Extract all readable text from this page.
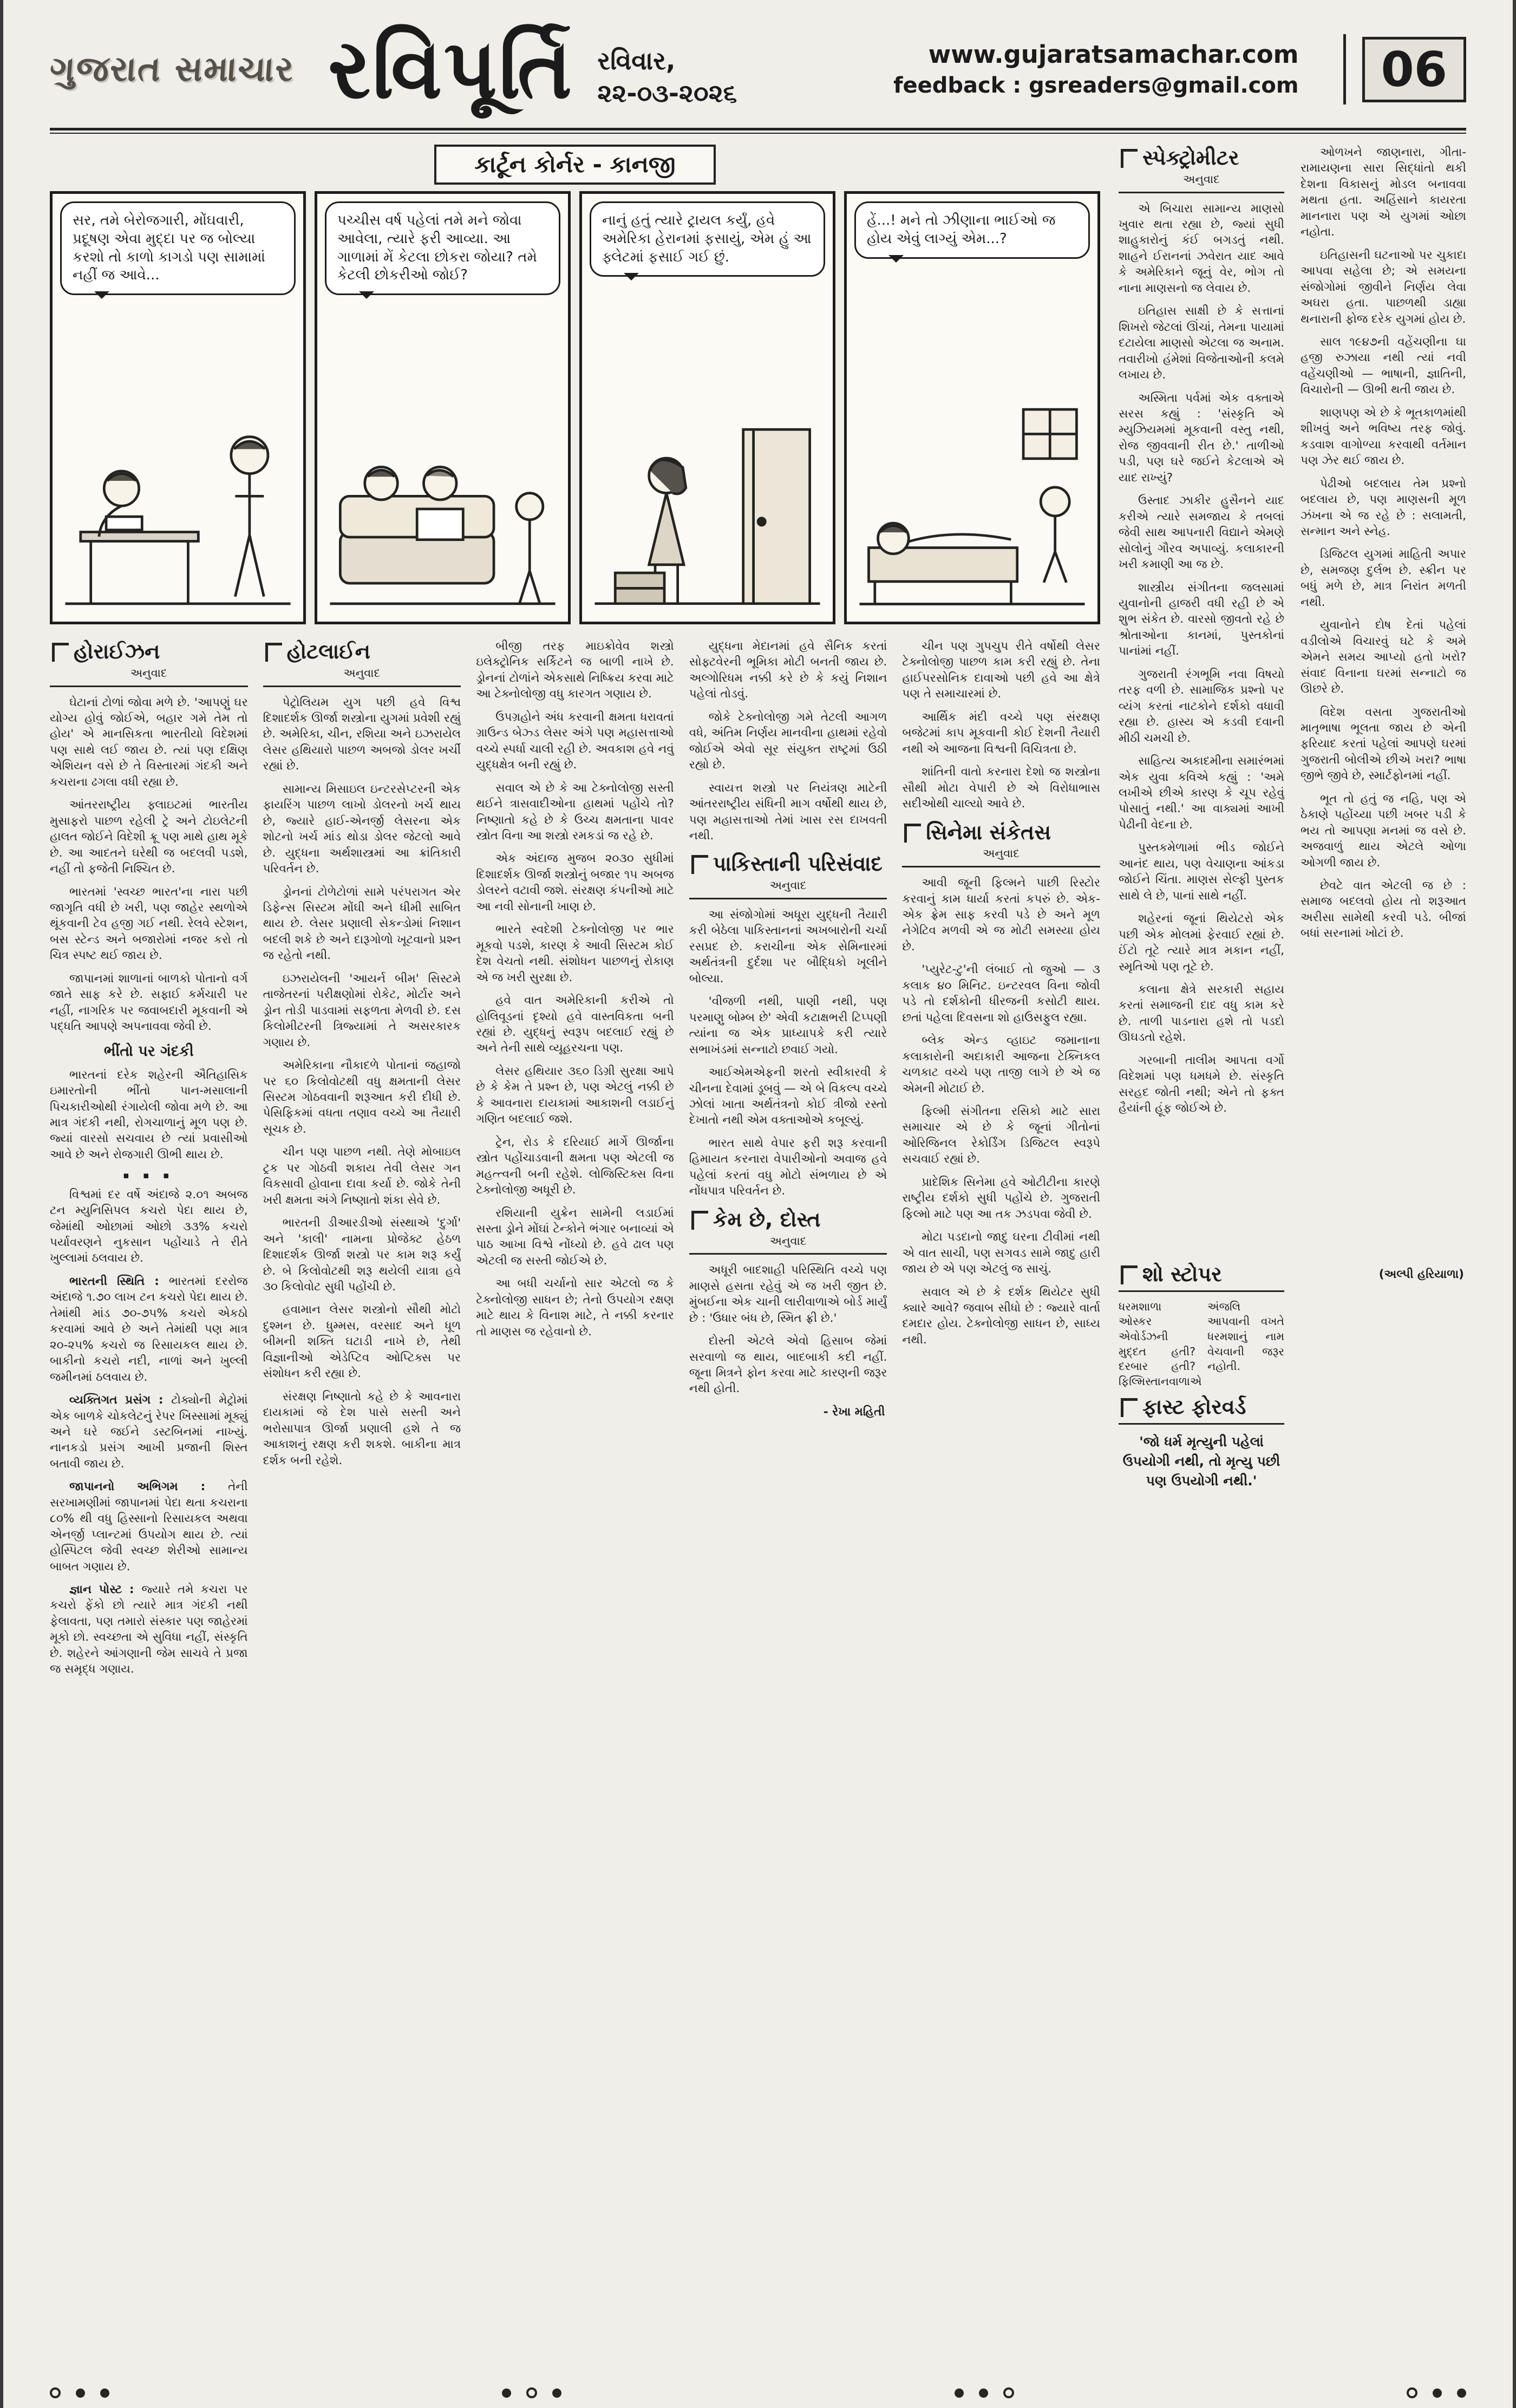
ગુજરાત સમાચાર રવિપૂર્તિ રવિવાર,
૨૨-૦૩-૨૦૨૬
www.gujaratsamachar.com
feedback : gsreaders@gmail.com	06
કાર્ટૂન કોર્નર - કાનજી
સર, તમે બેરોજગારી, મોંઘવારી, પ્રદૂષણ એવા મુદ્દા પર જ બોલ્યા કરશો તો કાળો કાગડો પણ સામામાં નહીં જ આવે...
પચ્ચીસ વર્ષ પહેલાં તમે મને જોવા આવેલા, ત્યારે ફરી આવ્યા. આ ગાળામાં મેં કેટલા છોકરા જોયા? તમે કેટલી છોકરીઓ જોઈ?
નાનું હતું ત્યારે ટ્રાયલ કર્યું, હવે અમેરિકા હેરાનમાં ફસાયું, એમ હું આ ફ્લેટમાં ફસાઈ ગઈ છું.
હેં...! મને તો ઝીણાના ભાઈઓ જ હોય એવું લાગ્યું એમ...?
હોરાઈઝન
અનુવાદ
ઘેટાનાં ટોળાં જોવા મળે છે. 'આપણું ઘર યોગ્ય હોવું જોઈએ, બહાર ગમે તેમ તો હોય' એ માનસિકતા ભારતીયો વિદેશમાં પણ સાથે લઈ જાય છે. ત્યાં પણ દક્ષિણ એશિયન વસે છે તે વિસ્તારમાં ગંદકી અને કચરાના ઢગલા વધી રહ્યા છે.
આંતરરાષ્ટ્રીય ફ્લાઇટમાં ભારતીય મુસાફરો પાછળ રહેલી ટ્રે અને ટોઇલેટની હાલત જોઈને વિદેશી ક્રૂ પણ માથે હાથ મૂકે છે. આ આદતને ઘરેથી જ બદલવી પડશે, નહીં તો ફજેતી નિશ્ચિત છે.
ભારતમાં 'સ્વચ્છ ભારત'ના નારા પછી જાગૃતિ વધી છે ખરી, પણ જાહેર સ્થળોએ થૂંકવાની ટેવ હજી ગઈ નથી. રેલવે સ્ટેશન, બસ સ્ટેન્ડ અને બજારોમાં નજર કરો તો ચિત્ર સ્પષ્ટ થઈ જાય છે.
જાપાનમાં શાળાનાં બાળકો પોતાનો વર્ગ જાતે સાફ કરે છે. સફાઈ કર્મચારી પર નહીં, નાગરિક પર જવાબદારી મૂકવાની એ પદ્ધતિ આપણે અપનાવવા જેવી છે.
ભીંતો પર ગંદકી
ભારતનાં દરેક શહેરની ઐતિહાસિક ઇમારતોની ભીંતો પાન-મસાલાની પિચકારીઓથી રંગાયેલી જોવા મળે છે. આ માત્ર ગંદકી નથી, રોગચાળાનું મૂળ પણ છે. જ્યાં વારસો સચવાય છે ત્યાં પ્રવાસીઓ આવે છે અને રોજગારી ઊભી થાય છે.
▪ ▪ ▪
વિશ્વમાં દર વર્ષે અંદાજે ૨.૦૧ અબજ ટન મ્યુનિસિપલ કચરો પેદા થાય છે, જેમાંથી ઓછામાં ઓછો ૩૩% કચરો પર્યાવરણને નુકસાન પહોંચાડે તે રીતે ખુલ્લામાં ઠલવાય છે.
ભારતની સ્થિતિ : ભારતમાં દરરોજ અંદાજે ૧.૭૦ લાખ ટન કચરો પેદા થાય છે. તેમાંથી માંડ ૭૦-૭૫% કચરો એકઠો કરવામાં આવે છે અને તેમાંથી પણ માત્ર ૨૦-૨૫% કચરો જ રિસાયકલ થાય છે. બાકીનો કચરો નદી, નાળાં અને ખુલ્લી જમીનમાં ઠલવાય છે.
વ્યક્તિગત પ્રસંગ : ટોક્યોની મેટ્રોમાં એક બાળકે ચોકલેટનું રેપર ખિસ્સામાં મૂક્યું અને ઘરે જઈને ડસ્ટબિનમાં નાખ્યું. નાનકડો પ્રસંગ આખી પ્રજાની શિસ્ત બતાવી જાય છે.
જાપાનનો અભિગમ : તેની સરખામણીમાં જાપાનમાં પેદા થતા કચરાના ૮૦% થી વધુ હિસ્સાનો રિસાયકલ અથવા એનર્જી પ્લાન્ટમાં ઉપયોગ થાય છે. ત્યાં હોસ્પિટલ જેવી સ્વચ્છ શેરીઓ સામાન્ય બાબત ગણાય છે.
જ્ઞાન પોસ્ટ : જ્યારે તમે કચરા પર કચરો ફેંકો છો ત્યારે માત્ર ગંદકી નથી ફેલાવતા, પણ તમારો સંસ્કાર પણ જાહેરમાં મૂકો છો. સ્વચ્છતા એ સુવિધા નહીં, સંસ્કૃતિ છે. શહેરને આંગણાની જેમ સાચવે તે પ્રજા જ સમૃદ્ધ ગણાય.
હોટલાઈન
અનુવાદ
પેટ્રોલિયમ યુગ પછી હવે વિશ્વ દિશાદર્શક ઊર્જા શસ્ત્રોના યુગમાં પ્રવેશી રહ્યું છે. અમેરિકા, ચીન, રશિયા અને ઇઝરાયેલ લેસર હથિયારો પાછળ અબજો ડોલર ખર્ચી રહ્યાં છે.
સામાન્ય મિસાઇલ ઇન્ટરસેપ્ટરની એક ફાયરિંગ પાછળ લાખો ડોલરનો ખર્ચ થાય છે, જ્યારે હાઈ-એનર્જી લેસરના એક શોટનો ખર્ચ માંડ થોડા ડોલર જેટલો આવે છે. યુદ્ધના અર્થશાસ્ત્રમાં આ ક્રાંતિકારી પરિવર્તન છે.
ડ્રોનનાં ટોળેટોળાં સામે પરંપરાગત એર ડિફેન્સ સિસ્ટમ મોંઘી અને ધીમી સાબિત થાય છે. લેસર પ્રણાલી સેકન્ડોમાં નિશાન બદલી શકે છે અને દારૂગોળો ખૂટવાનો પ્રશ્ન જ રહેતો નથી.
ઇઝરાયેલની 'આયર્ન બીમ' સિસ્ટમે તાજેતરનાં પરીક્ષણોમાં રોકેટ, મોર્ટાર અને ડ્રોન તોડી પાડવામાં સફળતા મેળવી છે. દસ કિલોમીટરની ત્રિજ્યામાં તે અસરકારક ગણાય છે.
અમેરિકાના નૌકાદળે પોતાનાં જહાજો પર ૬૦ કિલોવોટથી વધુ ક્ષમતાની લેસર સિસ્ટમ ગોઠવવાની શરૂઆત કરી દીધી છે. પેસિફિકમાં વધતા તણાવ વચ્ચે આ તૈયારી સૂચક છે.
ચીન પણ પાછળ નથી. તેણે મોબાઇલ ટ્રક પર ગોઠવી શકાય તેવી લેસર ગન વિકસાવી હોવાના દાવા કર્યા છે. જોકે તેની ખરી ક્ષમતા અંગે નિષ્ણાતો શંકા સેવે છે.
ભારતની ડીઆરડીઓ સંસ્થાએ 'દુર્ગા' અને 'કાલી' નામના પ્રોજેક્ટ હેઠળ દિશાદર્શક ઊર્જા શસ્ત્રો પર કામ શરૂ કર્યું છે. બે કિલોવોટથી શરૂ થયેલી યાત્રા હવે ૩૦ કિલોવોટ સુધી પહોંચી છે.
હવામાન લેસર શસ્ત્રોનો સૌથી મોટો દુશ્મન છે. ધુમ્મસ, વરસાદ અને ધૂળ બીમની શક્તિ ઘટાડી નાખે છે, તેથી વિજ્ઞાનીઓ એડેપ્ટિવ ઓપ્ટિક્સ પર સંશોધન કરી રહ્યા છે.
સંરક્ષણ નિષ્ણાતો કહે છે કે આવનારા દાયકામાં જે દેશ પાસે સસ્તી અને ભરોસાપાત્ર ઊર્જા પ્રણાલી હશે તે જ આકાશનું રક્ષણ કરી શકશે. બાકીના માત્ર દર્શક બની રહેશે.
બીજી તરફ માઇક્રોવેવ શસ્ત્રો ઇલેક્ટ્રોનિક સર્કિટને જ બાળી નાખે છે. ડ્રોનનાં ટોળાંને એકસાથે નિષ્ક્રિય કરવા માટે આ ટેક્નોલોજી વધુ કારગત ગણાય છે.
ઉપગ્રહોને અંધ કરવાની ક્ષમતા ધરાવતાં ગ્રાઉન્ડ બેઝ્ડ લેસર અંગે પણ મહાસત્તાઓ વચ્ચે સ્પર્ધા ચાલી રહી છે. અવકાશ હવે નવું યુદ્ધક્ષેત્ર બની રહ્યું છે.
સવાલ એ છે કે આ ટેક્નોલોજી સસ્તી થઈને ત્રાસવાદીઓના હાથમાં પહોંચે તો? નિષ્ણાતો કહે છે કે ઉચ્ચ ક્ષમતાના પાવર સ્ત્રોત વિના આ શસ્ત્રો રમકડાં જ રહે છે.
એક અંદાજ મુજબ ૨૦૩૦ સુધીમાં દિશાદર્શક ઊર્જા શસ્ત્રોનું બજાર ૧૫ અબજ ડોલરને વટાવી જશે. સંરક્ષણ કંપનીઓ માટે આ નવી સોનાની ખાણ છે.
ભારતે સ્વદેશી ટેક્નોલોજી પર ભાર મૂકવો પડશે, કારણ કે આવી સિસ્ટમ કોઈ દેશ વેચતો નથી. સંશોધન પાછળનું રોકાણ એ જ ખરી સુરક્ષા છે.
હવે વાત અમેરિકાની કરીએ તો હોલિવૂડનાં દૃશ્યો હવે વાસ્તવિકતા બની રહ્યાં છે. યુદ્ધનું સ્વરૂપ બદલાઈ રહ્યું છે અને તેની સાથે વ્યૂહરચના પણ.
લેસર હથિયાર ૩૬૦ ડિગ્રી સુરક્ષા આપે છે કે કેમ તે પ્રશ્ન છે, પણ એટલું નક્કી છે કે આવનારા દાયકામાં આકાશની લડાઈનું ગણિત બદલાઈ જશે.
ટ્રેન, રોડ કે દરિયાઈ માર્ગે ઊર્જાના સ્ત્રોત પહોંચાડવાની ક્ષમતા પણ એટલી જ મહત્ત્વની બની રહેશે. લોજિસ્ટિક્સ વિના ટેક્નોલોજી અધૂરી છે.
રશિયાની યુક્રેન સામેની લડાઈમાં સસ્તા ડ્રોને મોંઘાં ટેન્કોને ભંગાર બનાવ્યાં એ પાઠ આખા વિશ્વે નોંધ્યો છે. હવે ઢાલ પણ એટલી જ સસ્તી જોઈએ છે.
આ બધી ચર્ચાનો સાર એટલો જ કે ટેક્નોલોજી સાધન છે; તેનો ઉપયોગ રક્ષણ માટે થાય કે વિનાશ માટે, તે નક્કી કરનાર તો માણસ જ રહેવાનો છે.
યુદ્ધના મેદાનમાં હવે સૈનિક કરતાં સોફ્ટવેરની ભૂમિકા મોટી બનતી જાય છે. અલ્ગોરિધમ નક્કી કરે છે કે કયું નિશાન પહેલાં તોડવું.
જોકે ટેક્નોલોજી ગમે તેટલી આગળ વધે, અંતિમ નિર્ણય માનવીના હાથમાં રહેવો જોઈએ એવો સૂર સંયુક્ત રાષ્ટ્રમાં ઉઠી રહ્યો છે.
સ્વાયત્ત શસ્ત્રો પર નિયંત્રણ માટેની આંતરરાષ્ટ્રીય સંધિની માગ વર્ષોથી થાય છે, પણ મહાસત્તાઓ તેમાં ખાસ રસ દાખવતી નથી.
પાકિસ્તાની પરિસંવાદ
અનુવાદ
આ સંજોગોમાં અધૂરા યુદ્ધની તૈયારી કરી બેઠેલા પાકિસ્તાનનાં અખબારોની ચર્ચા રસપ્રદ છે. કરાચીના એક સેમિનારમાં અર્થતંત્રની દુર્દશા પર બૌદ્ધિકો ખૂલીને બોલ્યા.
'વીજળી નથી, પાણી નથી, પણ પરમાણુ બોમ્બ છે' એવી કટાક્ષભરી ટિપ્પણી ત્યાંના જ એક પ્રાધ્યાપકે કરી ત્યારે સભાખંડમાં સન્નાટો છવાઈ ગયો.
આઈએમએફની શરતો સ્વીકારવી કે ચીનના દેવામાં ડૂબવું — એ બે વિકલ્પ વચ્ચે ઝોલાં ખાતા અર્થતંત્રનો કોઈ ત્રીજો રસ્તો દેખાતો નથી એમ વક્તાઓએ કબૂલ્યું.
ભારત સાથે વેપાર ફરી શરૂ કરવાની હિમાયત કરનારા વેપારીઓનો અવાજ હવે પહેલાં કરતાં વધુ મોટો સંભળાય છે એ નોંધપાત્ર પરિવર્તન છે.
કેમ છે, દોસ્ત
અનુવાદ
અધૂરી બાદશાહી પરિસ્થિતિ વચ્ચે પણ માણસે હસતા રહેવું એ જ ખરી જીત છે. મુંબઈના એક ચાની લારીવાળાએ બોર્ડ માર્યું છે : 'ઉધાર બંધ છે, સ્મિત ફ્રી છે.'
દોસ્તી એટલે એવો હિસાબ જેમાં સરવાળો જ થાય, બાદબાકી કદી નહીં. જૂના મિત્રને ફોન કરવા માટે કારણની જરૂર નથી હોતી.
- રેખા મહિતી
ચીન પણ ગુપચુપ રીતે વર્ષોથી લેસર ટેક્નોલોજી પાછળ કામ કરી રહ્યું છે. તેના હાઈપરસોનિક દાવાઓ પછી હવે આ ક્ષેત્રે પણ તે સમાચારમાં છે.
આર્થિક મંદી વચ્ચે પણ સંરક્ષણ બજેટમાં કાપ મૂકવાની કોઈ દેશની તૈયારી નથી એ આજના વિશ્વની વિચિત્રતા છે.
શાંતિની વાતો કરનારા દેશો જ શસ્ત્રોના સૌથી મોટા વેપારી છે એ વિરોધાભાસ સદીઓથી ચાલ્યો આવે છે.
સિનેમા સંકેતસ
અનુવાદ
આવી જૂની ફિલ્મને પાછી રિસ્ટોર કરવાનું કામ ધાર્યા કરતાં કપરું છે. એક-એક ફ્રેમ સાફ કરવી પડે છે અને મૂળ નેગેટિવ મળવી એ જ મોટી સમસ્યા હોય છે.
'પ્યુરેટ-ટુ'ની લંબાઈ તો જુઓ — ૩ કલાક ૪૦ મિનિટ. ઇન્ટરવલ વિના જોવી પડે તો દર્શકોની ધીરજની કસોટી થાય. છતાં પહેલા દિવસના શો હાઉસફુલ રહ્યા.
બ્લેક એન્ડ વ્હાઇટ જમાનાના કલાકારોની અદાકારી આજના ટેક્નિકલ ચળકાટ વચ્ચે પણ તાજી લાગે છે એ જ એમની મોટાઈ છે.
ફિલ્મી સંગીતના રસિકો માટે સારા સમાચાર એ છે કે જૂનાં ગીતોનાં ઓરિજિનલ રેકોર્ડિંગ ડિજિટલ સ્વરૂપે સચવાઈ રહ્યાં છે.
પ્રાદેશિક સિનેમા હવે ઓટીટીના કારણે રાષ્ટ્રીય દર્શકો સુધી પહોંચે છે. ગુજરાતી ફિલ્મો માટે પણ આ તક ઝડપવા જેવી છે.
મોટા પડદાનો જાદુ ઘરના ટીવીમાં નથી એ વાત સાચી, પણ સગવડ સામે જાદુ હારી જાય છે એ પણ એટલું જ સાચું.
સવાલ એ છે કે દર્શક થિયેટર સુધી ક્યારે આવે? જવાબ સીધો છે : જ્યારે વાર્તા દમદાર હોય. ટેક્નોલોજી સાધન છે, સાધ્ય નથી.
સ્પેક્ટ્રોમીટર
અનુવાદ
એ બિચારા સામાન્ય માણસો ખુવાર થતા રહ્યા છે, જ્યાં સુધી શાહુકારોનું કંઈ બગડતું નથી. શાહને ઈરાનનાં ઝવેરાત યાદ આવે કે અમેરિકાને જૂનું વેર, ભોગ તો નાના માણસનો જ લેવાય છે.
ઇતિહાસ સાક્ષી છે કે સત્તાનાં શિખરો જેટલાં ઊંચાં, તેમના પાયામાં દટાયેલા માણસો એટલા જ અનામ. તવારીખો હંમેશાં વિજેતાઓની કલમે લખાય છે.
અસ્મિતા પર્વમાં એક વક્તાએ સરસ કહ્યું : 'સંસ્કૃતિ એ મ્યુઝિયમમાં મૂકવાની વસ્તુ નથી, રોજ જીવવાની રીત છે.' તાળીઓ પડી, પણ ઘરે જઈને કેટલાએ એ યાદ રાખ્યું?
ઉસ્તાદ ઝાકીર હુસૈનને યાદ કરીએ ત્યારે સમજાય કે તબલાં જેવી સાથ આપનારી વિદ્યાને એમણે સોલોનું ગૌરવ અપાવ્યું. કલાકારની ખરી કમાણી આ જ છે.
શાસ્ત્રીય સંગીતના જલસામાં યુવાનોની હાજરી વધી રહી છે એ શુભ સંકેત છે. વારસો જીવતો રહે છે શ્રોતાઓના કાનમાં, પુસ્તકોનાં પાનાંમાં નહીં.
ગુજરાતી રંગભૂમિ નવા વિષયો તરફ વળી છે. સામાજિક પ્રશ્નો પર વ્યંગ કરતાં નાટકોને દર્શકો વધાવી રહ્યા છે. હાસ્ય એ કડવી દવાની મીઠી ચમચી છે.
સાહિત્ય અકાદમીના સમારંભમાં એક યુવા કવિએ કહ્યું : 'અમે લખીએ છીએ કારણ કે ચૂપ રહેવું પોસાતું નથી.' આ વાક્યમાં આખી પેઢીની વેદના છે.
પુસ્તકમેળામાં ભીડ જોઈને આનંદ થાય, પણ વેચાણના આંકડા જોઈને ચિંતા. માણસ સેલ્ફી પુસ્તક સાથે લે છે, પાનાં સાથે નહીં.
શહેરનાં જૂનાં થિયેટરો એક પછી એક મોલમાં ફેરવાઈ રહ્યાં છે. ઈંટો તૂટે ત્યારે માત્ર મકાન નહીં, સ્મૃતિઓ પણ તૂટે છે.
કલાના ક્ષેત્રે સરકારી સહાય કરતાં સમાજની દાદ વધુ કામ કરે છે. તાળી પાડનારા હશે તો પડદો ઊઘડતો રહેશે.
ગરબાની તાલીમ આપતા વર્ગો વિદેશમાં પણ ધમધમે છે. સંસ્કૃતિ સરહદ જોતી નથી; એને તો ફક્ત હૈયાંની હૂંફ જોઈએ છે.
શો સ્ટોપર
ધરમશાળા ઓસ્કર એવોર્ડઝની મુદ્દત હતી? દરબાર હતી? ફિલ્મિસ્તાનવાળાએ અંજલિ આપવાની વખતે ધરમશાનું નામ વેચવાની જરૂર નહોતી.
ફાસ્ટ ફોરવર્ડ
'જો ધર્મ મૃત્યુની પહેલાં ઉપયોગી નથી, તો મૃત્યુ પછી પણ ઉપયોગી નથી.'
ઓળખને જાણનારા, ગીતા-રામાયણના સારા સિદ્ધાંતો થકી દેશના વિકાસનું મોડલ બનાવવા મથતા હતા. અહિંસાને કાયરતા માનનારા પણ એ યુગમાં ઓછા નહોતા.
ઇતિહાસની ઘટનાઓ પર ચુકાદા આપવા સહેલા છે; એ સમયના સંજોગોમાં જીવીને નિર્ણય લેવા અઘરા હતા. પાછળથી ડાહ્યા થનારાની ફોજ દરેક યુગમાં હોય છે.
સાલ ૧૯૪૭ની વહેંચણીના ઘા હજી રુઝાયા નથી ત્યાં નવી વહેંચણીઓ — ભાષાની, જ્ઞાતિની, વિચારોની — ઊભી થતી જાય છે.
શાણપણ એ છે કે ભૂતકાળમાંથી શીખવું અને ભવિષ્ય તરફ જોવું. કડવાશ વાગોળ્યા કરવાથી વર્તમાન પણ ઝેર થઈ જાય છે.
પેઢીઓ બદલાય તેમ પ્રશ્નો બદલાય છે, પણ માણસની મૂળ ઝંખના એ જ રહે છે : સલામતી, સન્માન અને સ્નેહ.
ડિજિટલ યુગમાં માહિતી અપાર છે, સમજણ દુર્લભ છે. સ્ક્રીન પર બધું મળે છે, માત્ર નિરાંત મળતી નથી.
યુવાનોને દોષ દેતાં પહેલાં વડીલોએ વિચારવું ઘટે કે અમે એમને સમય આપ્યો હતો ખરો? સંવાદ વિનાના ઘરમાં સન્નાટો જ ઊછરે છે.
વિદેશ વસતા ગુજરાતીઓ માતૃભાષા ભૂલતા જાય છે એની ફરિયાદ કરતાં પહેલાં આપણે ઘરમાં ગુજરાતી બોલીએ છીએ ખરા? ભાષા જીભે જીવે છે, સ્માર્ટફોનમાં નહીં.
ભૂત તો હતું જ નહિ, પણ એ ઠેકાણે પહોંચ્યા પછી ખબર પડી કે ભય તો આપણા મનમાં જ વસે છે. અજવાળું થાય એટલે ઓળા ઓગળી જાય છે.
છેવટે વાત એટલી જ છે : સમાજ બદલવો હોય તો શરૂઆત અરીસા સામેથી કરવી પડે. બીજાં બધાં સરનામાં ખોટાં છે.
(અલ્પી હરિયાળા)
